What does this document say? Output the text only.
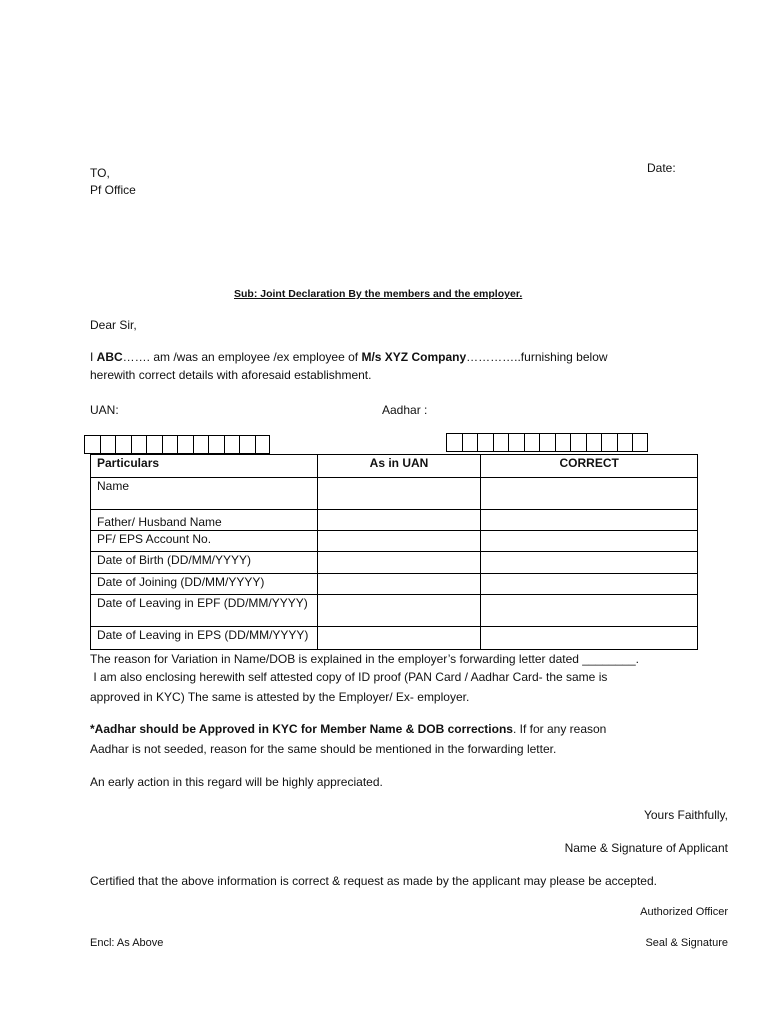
TO,
Pf Office
Date:
Sub: Joint Declaration By the members and the employer.
Dear Sir,
I ABC……. am /was an employee /ex employee of M/s XYZ Company…………..furnishing below
herewith correct details with aforesaid establishment.
UAN:	Aadhar :
Particulars	As in UAN	CORRECT
Name		
Father/ Husband Name		
PF/ EPS Account No.		
Date of Birth (DD/MM/YYYY)		
Date of Joining (DD/MM/YYYY)		
Date of Leaving in EPF (DD/MM/YYYY)		
Date of Leaving in EPS (DD/MM/YYYY)		
The reason for Variation in Name/DOB is explained in the employer’s forwarding letter dated ________.
I am also enclosing herewith self attested copy of ID proof (PAN Card / Aadhar Card- the same is
approved in KYC) The same is attested by the Employer/ Ex- employer.
*Aadhar should be Approved in KYC for Member Name & DOB corrections. If for any reason
Aadhar is not seeded, reason for the same should be mentioned in the forwarding letter.
An early action in this regard will be highly appreciated.
Yours Faithfully,
Name & Signature of Applicant
Certified that the above information is correct & request as made by the applicant may please be accepted.
Authorized Officer
Encl: As Above	Seal & Signature
